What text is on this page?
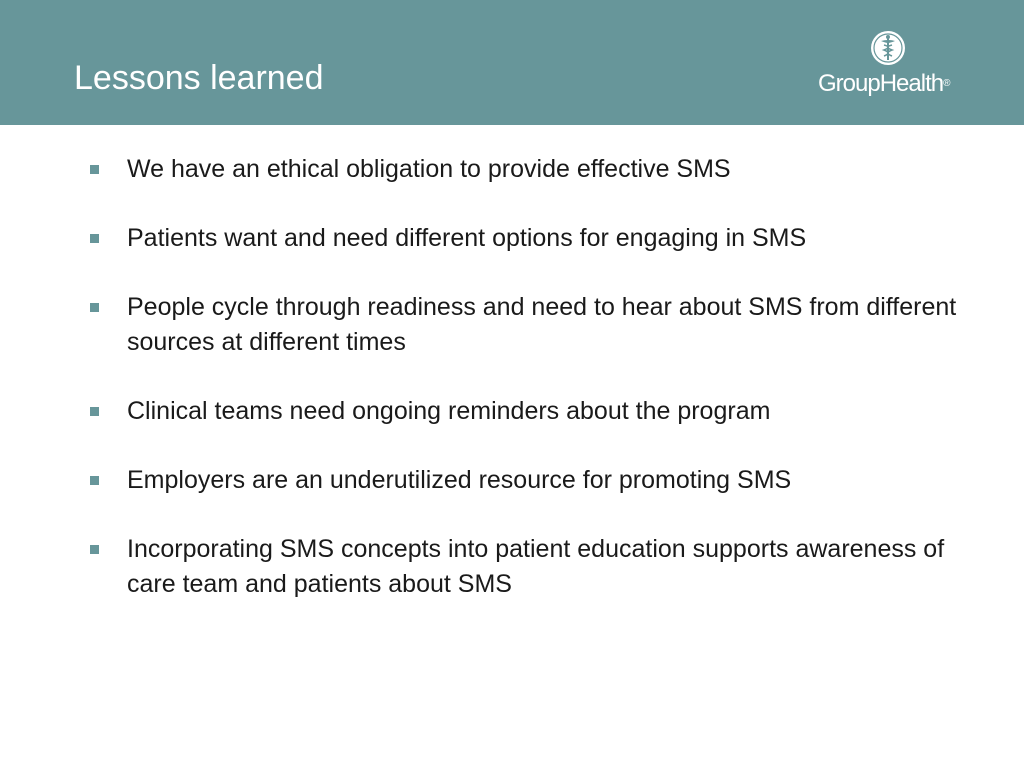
Lessons learned	GroupHealth®
We have an ethical obligation to provide effective SMS
Patients want and need different options for engaging in SMS
People cycle through readiness and need to hear about SMS from different sources at different times
Clinical teams need ongoing reminders about the program
Employers are an underutilized resource for promoting SMS
Incorporating SMS concepts into patient education supports awareness of care team and patients about SMS
